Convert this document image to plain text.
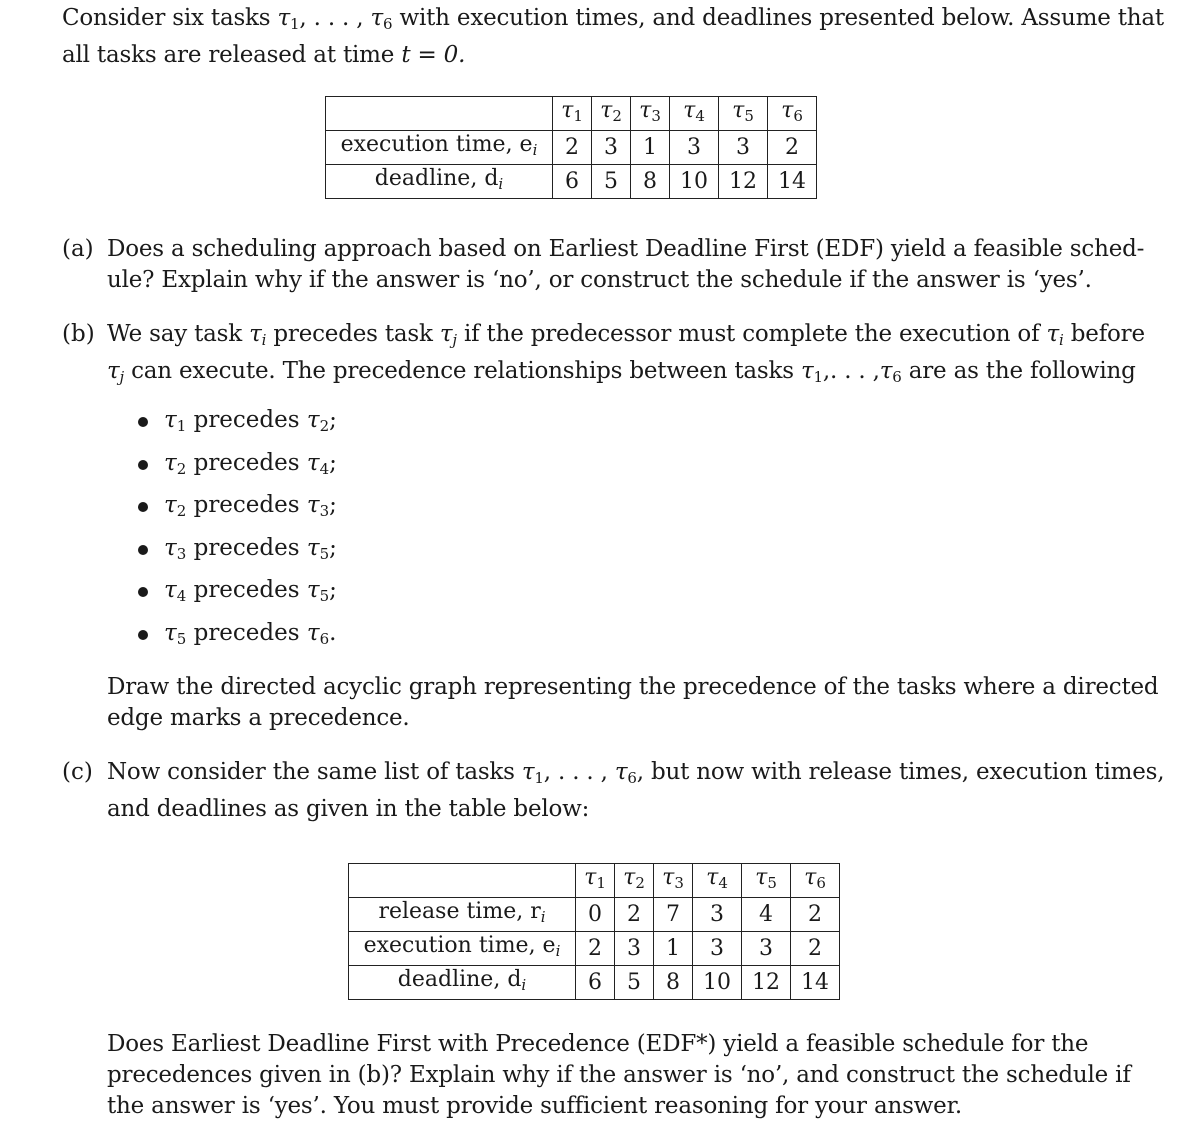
Consider six tasks $\tau_1$, . . . , $\tau_6$ with execution times, and deadlines presented below. Assume that
all tasks are released at time t = 0.
	$\tau_1$	$\tau_2$	$\tau_3$	$\tau_4$	$\tau_5$	$\tau_6$
execution time, ei	2	3	1	3	3	2
deadline, di	6	5	8	10	12	14
(a) Does a scheduling approach based on Earliest Deadline First (EDF) yield a feasible sched-
ule? Explain why if the answer is ‘no’, or construct the schedule if the answer is ‘yes’.
(b) We say task τi precedes task τj if the predecessor must complete the execution of τi before
τj can execute. The precedence relationships between tasks $\tau_1$,. . . $,\tau_6$ are as the following
$\tau_1$ precedes $\tau_2$;
$\tau_2$ precedes $\tau_4$;
$\tau_2$ precedes $\tau_3$;
$\tau_3$ precedes $\tau_5$;
$\tau_4$ precedes $\tau_5$;
$\tau_5$ precedes $\tau_6$.
Draw the directed acyclic graph representing the precedence of the tasks where a directed
edge marks a precedence.
(c) Now consider the same list of tasks $\tau_1$, . . . , $\tau_6$, but now with release times, execution times,
and deadlines as given in the table below:
	$\tau_1$	$\tau_2$	$\tau_3$	$\tau_4$	$\tau_5$	$\tau_6$
release time, ri	0	2	7	3	4	2
execution time, ei	2	3	1	3	3	2
deadline, di	6	5	8	10	12	14
Does Earliest Deadline First with Precedence (EDF*) yield a feasible schedule for the
precedences given in (b)? Explain why if the answer is ‘no’, and construct the schedule if
the answer is ‘yes’. You must provide sufficient reasoning for your answer.
